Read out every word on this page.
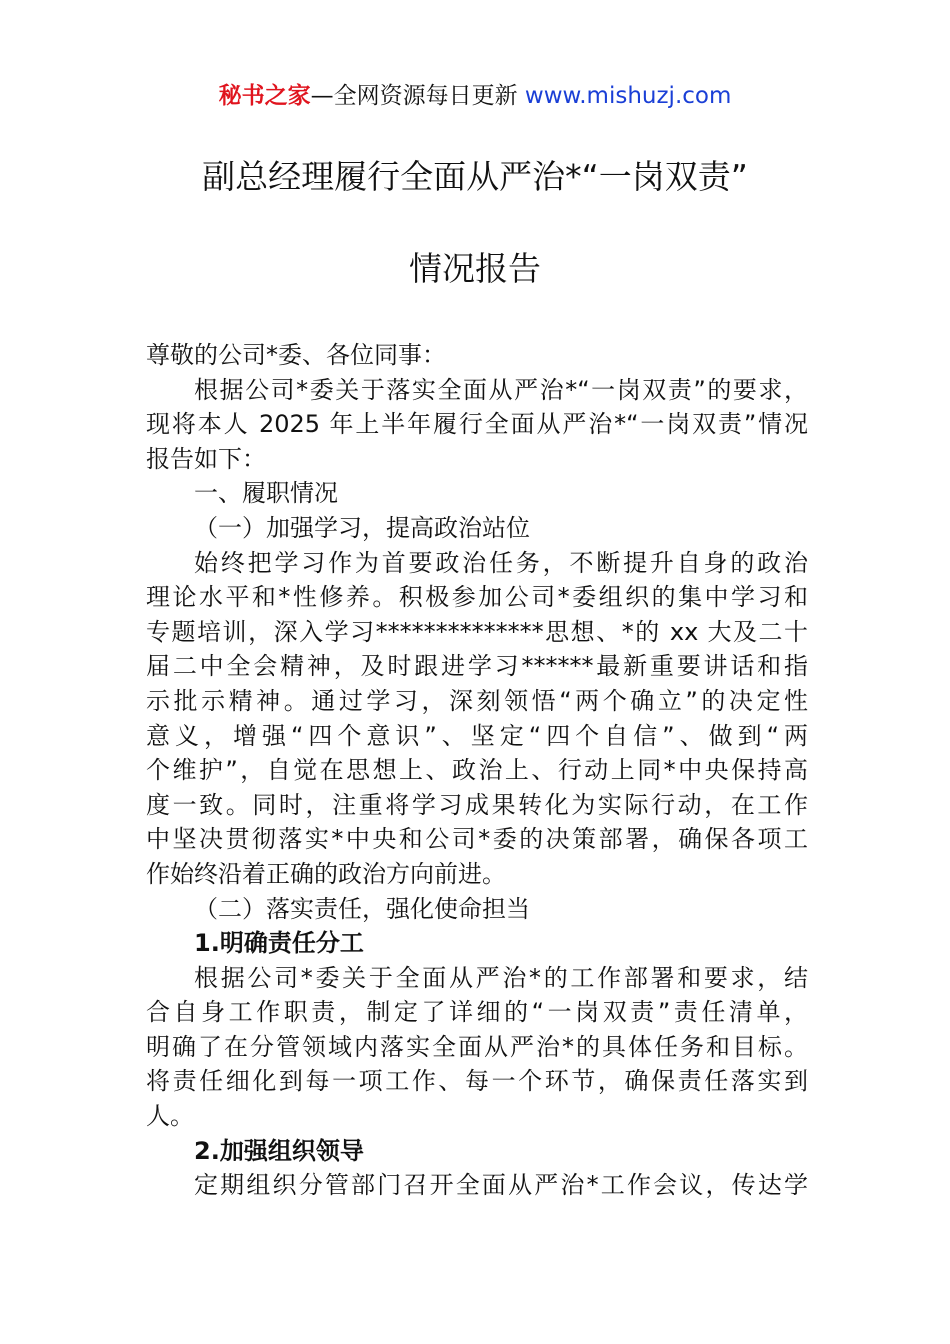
秘书之家—全网资源每日更新 www.mishuzj.com
副总经理履行全面从严治*“一岗双责”
情况报告
尊敬的公司*委、各位同事：
根据公司*委关于落实全面从严治*“一岗双责”的要求，
现将本人 2025 年上半年履行全面从严治*“一岗双责”情况
报告如下：
一、履职情况
（一）加强学习，提高政治站位
始终把学习作为首要政治任务，不断提升自身的政治
理论水平和*性修养。积极参加公司*委组织的集中学习和
专题培训，深入学习**************思想、*的 xx 大及二十
届二中全会精神，及时跟进学习******最新重要讲话和指
示批示精神。通过学习，深刻领悟“两个确立”的决定性
意义，增强“四个意识”、坚定“四个自信”、做到“两
个维护”，自觉在思想上、政治上、行动上同*中央保持高
度一致。同时，注重将学习成果转化为实际行动，在工作
中坚决贯彻落实*中央和公司*委的决策部署，确保各项工
作始终沿着正确的政治方向前进。
（二）落实责任，强化使命担当
1.明确责任分工
根据公司*委关于全面从严治*的工作部署和要求，结
合自身工作职责，制定了详细的“一岗双责”责任清单，
明确了在分管领域内落实全面从严治*的具体任务和目标。
将责任细化到每一项工作、每一个环节，确保责任落实到
人。
2.加强组织领导
定期组织分管部门召开全面从严治*工作会议，传达学
